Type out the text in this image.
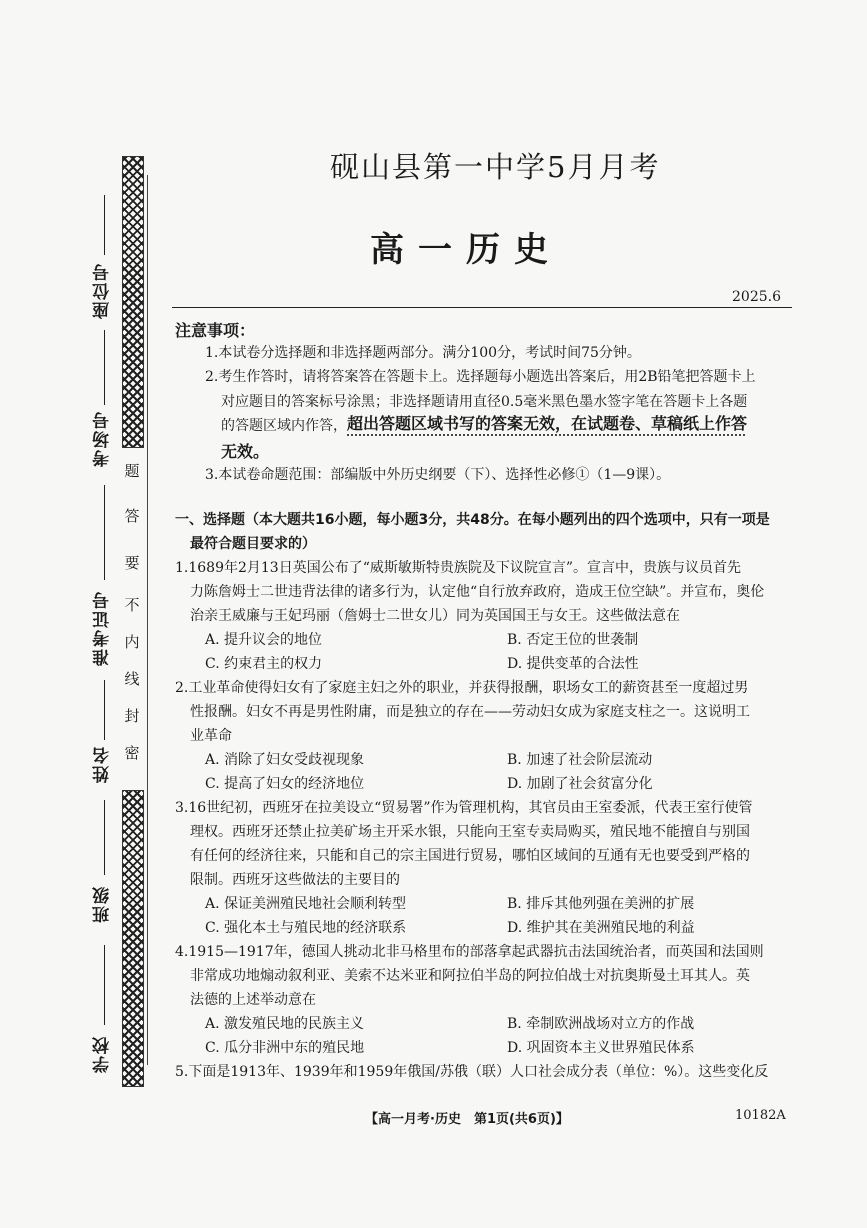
座位号
考场号
准考证号
姓名
班级
学校
密
封
线
内
不
要
答
题
砚山县第一中学5月月考
高一历史
2025.6
注意事项：
1.本试卷分选择题和非选择题两部分。满分100分，考试时间75分钟。
2.考生作答时，请将答案答在答题卡上。选择题每小题选出答案后，用2B铅笔把答题卡上
对应题目的答案标号涂黑；非选择题请用直径0.5毫米黑色墨水签字笔在答题卡上各题
的答题区域内作答， 超出答题区域书写的答案无效，在试题卷、草稿纸上作答
无效。
3.本试卷命题范围：部编版中外历史纲要（下）、选择性必修①（1—9课）。
一、选择题（本大题共16小题，每小题3分，共48分。在每小题列出的四个选项中，只有一项是
最符合题目要求的）
1.1689年2月13日英国公布了“威斯敏斯特贵族院及下议院宣言”。宣言中，贵族与议员首先
力陈詹姆士二世违背法律的诸多行为，认定他“自行放弃政府，造成王位空缺”。并宣布，奥伦
治亲王威廉与王妃玛丽（詹姆士二世女儿）同为英国国王与女王。这些做法意在
A. 提升议会的地位	B. 否定王位的世袭制
C. 约束君主的权力	D. 提供变革的合法性
2.工业革命使得妇女有了家庭主妇之外的职业，并获得报酬，职场女工的薪资甚至一度超过男
性报酬。妇女不再是男性附庸，而是独立的存在——劳动妇女成为家庭支柱之一。这说明工
业革命
A. 消除了妇女受歧视现象	B. 加速了社会阶层流动
C. 提高了妇女的经济地位	D. 加剧了社会贫富分化
3.16世纪初，西班牙在拉美设立“贸易署”作为管理机构，其官员由王室委派，代表王室行使管
理权。西班牙还禁止拉美矿场主开采水银，只能向王室专卖局购买，殖民地不能擅自与别国
有任何的经济往来，只能和自己的宗主国进行贸易，哪怕区域间的互通有无也要受到严格的
限制。西班牙这些做法的主要目的
A. 保证美洲殖民地社会顺利转型	B. 排斥其他列强在美洲的扩展
C. 强化本土与殖民地的经济联系	D. 维护其在美洲殖民地的利益
4.1915—1917年，德国人挑动北非马格里布的部落拿起武器抗击法国统治者，而英国和法国则
非常成功地煽动叙利亚、美索不达米亚和阿拉伯半岛的阿拉伯战士对抗奥斯曼土耳其人。英
法德的上述举动意在
A. 激发殖民地的民族主义	B. 牵制欧洲战场对立方的作战
C. 瓜分非洲中东的殖民地	D. 巩固资本主义世界殖民体系
5.下面是1913年、1939年和1959年俄国/苏俄（联）人口社会成分表（单位：%）。这些变化反
【高一月考·历史　第1页(共6页)】	10182A
